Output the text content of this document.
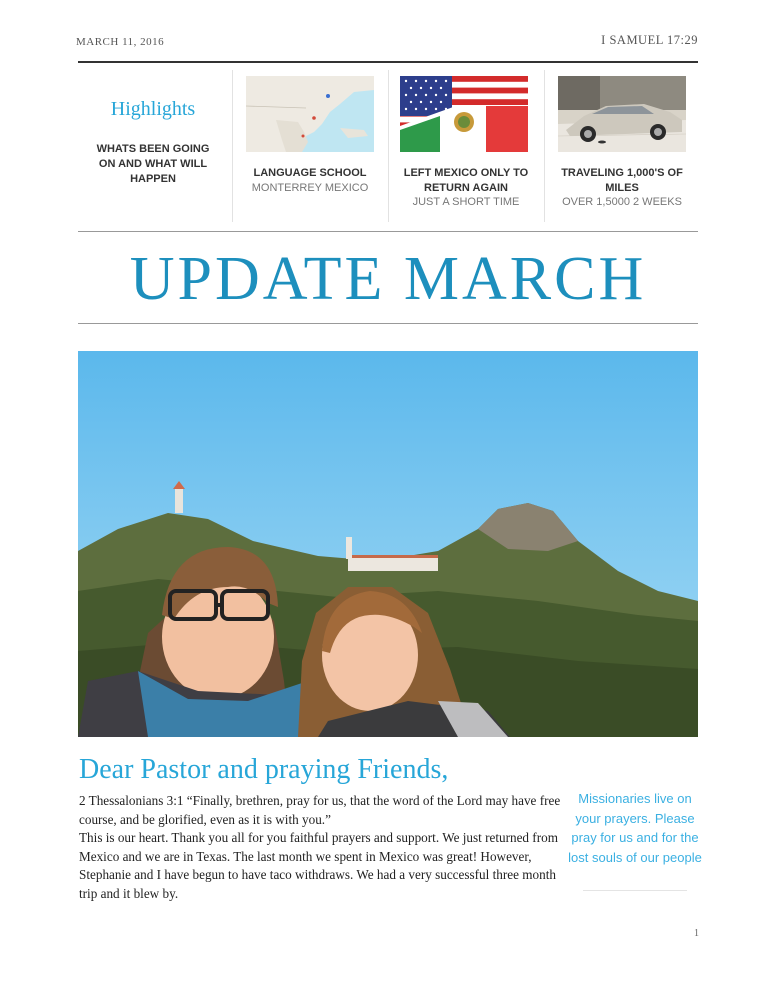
MARCH 11, 2016	I SAMUEL 17:29
Highlights
WHATS BEEN GOING ON AND WHAT WILL HAPPEN	LANGUAGE SCHOOL
MONTERREY MEXICO
LEFT MEXICO ONLY TO RETURN AGAIN
JUST A SHORT TIME
TRAVELING 1,000'S OF MILES
OVER 1,5000 2 WEEKS
UPDATE MARCH
Dear Pastor and praying Friends,

2 Thessalonians 3:1 “Finally, brethren, pray for us, that the word of the Lord may have free course, and be glorified, even as it is with you.”

This is our heart. Thank you all for you faithful prayers and support. We just returned from Mexico and we are in Texas. The last month we spent in Mexico was great! However, Stephanie and I have begun to have taco withdraws. We had a very successful three month trip and it blew by.

Missionaries live on your prayers. Please pray for us and for the lost souls of our people
1
